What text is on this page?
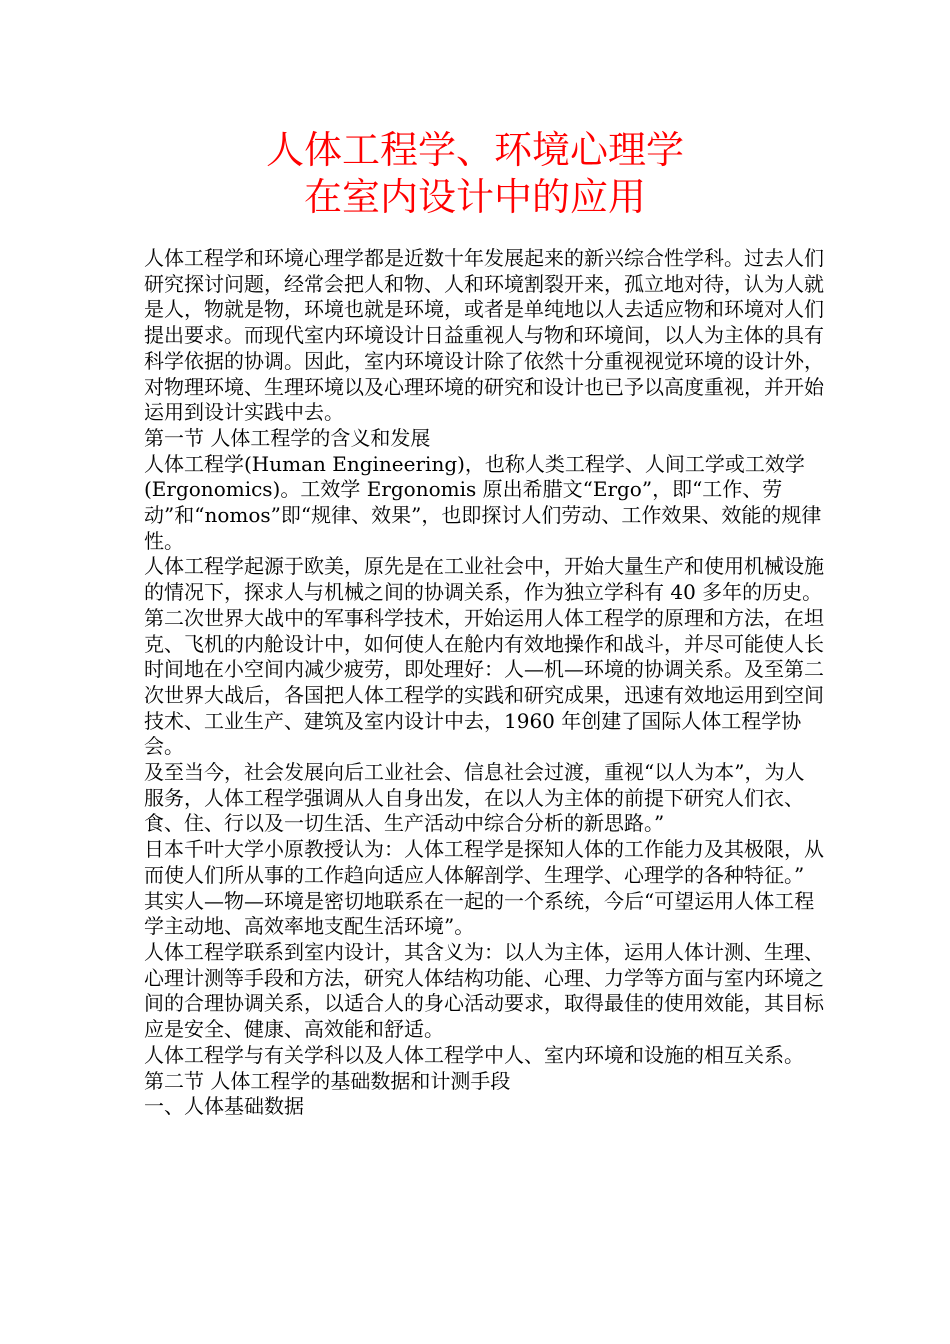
人体工程学、环境心理学
在室内设计中的应用

人体工程学和环境心理学都是近数十年发展起来的新兴综合性学科。过去人们研究探讨问题，经常会把人和物、人和环境割裂开来，孤立地对待，认为人就是人，物就是物，环境也就是环境，或者是单纯地以人去适应物和环境对人们提出要求。而现代室内环境设计日益重视人与物和环境间，以人为主体的具有科学依据的协调。因此，室内环境设计除了依然十分重视视觉环境的设计外，对物理环境、生理环境以及心理环境的研究和设计也已予以高度重视，并开始运用到设计实践中去。

第一节 人体工程学的含义和发展

人体工程学(Human Engineering)，也称人类工程学、人间工学或工效学(Ergonomics)。工效学 Ergonomis 原出希腊文“Ergo”，即“工作、劳动”和“nomos”即“规律、效果”，也即探讨人们劳动、工作效果、效能的规律性。

人体工程学起源于欧美，原先是在工业社会中，开始大量生产和使用机械设施的情况下，探求人与机械之间的协调关系，作为独立学科有 40 多年的历史。第二次世界大战中的军事科学技术，开始运用人体工程学的原理和方法，在坦克、飞机的内舱设计中，如何使人在舱内有效地操作和战斗，并尽可能使人长时间地在小空间内减少疲劳，即处理好：人—机—环境的协调关系。及至第二次世界大战后，各国把人体工程学的实践和研究成果，迅速有效地运用到空间技术、工业生产、建筑及室内设计中去，1960 年创建了国际人体工程学协会。

及至当今，社会发展向后工业社会、信息社会过渡，重视“以人为本”，为人服务，人体工程学强调从人自身出发，在以人为主体的前提下研究人们衣、食、住、行以及一切生活、生产活动中综合分析的新思路。”

日本千叶大学小原教授认为：人体工程学是探知人体的工作能力及其极限，从而使人们所从事的工作趋向适应人体解剖学、生理学、心理学的各种特征。”

其实人—物—环境是密切地联系在一起的一个系统，今后“可望运用人体工程学主动地、高效率地支配生活环境”。

人体工程学联系到室内设计，其含义为：以人为主体，运用人体计测、生理、心理计测等手段和方法，研究人体结构功能、心理、力学等方面与室内环境之间的合理协调关系，以适合人的身心活动要求，取得最佳的使用效能，其目标应是安全、健康、高效能和舒适。

人体工程学与有关学科以及人体工程学中人、室内环境和设施的相互关系。

第二节 人体工程学的基础数据和计测手段

一、人体基础数据
